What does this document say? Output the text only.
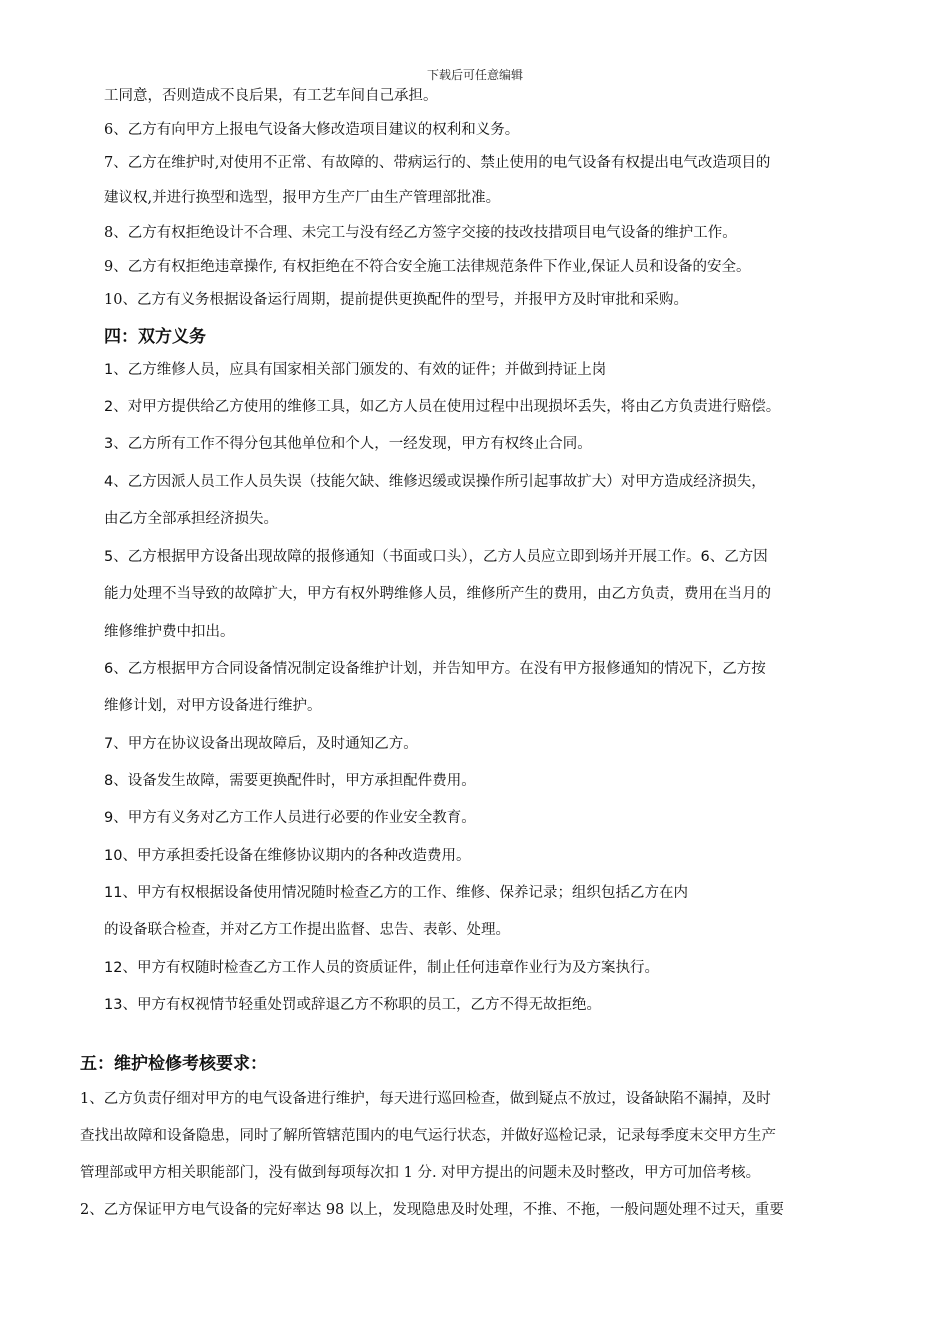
下载后可任意编辑
工同意，否则造成不良后果，有工艺车间自己承担。
6、乙方有向甲方上报电气设备大修改造项目建议的权利和义务。
7、乙方在维护时,对使用不正常、有故障的、带病运行的、禁止使用的电气设备有权提出电气改造项目的
建议权,并进行换型和选型，报甲方生产厂由生产管理部批准。
8、乙方有权拒绝设计不合理、未完工与没有经乙方签字交接的技改技措项目电气设备的维护工作。
9、乙方有权拒绝违章操作, 有权拒绝在不符合安全施工法律规范条件下作业,保证人员和设备的安全。
10、乙方有义务根据设备运行周期，提前提供更换配件的型号，并报甲方及时审批和采购。
四：双方义务
1、乙方维修人员，应具有国家相关部门颁发的、有效的证件；并做到持证上岗
2、对甲方提供给乙方使用的维修工具，如乙方人员在使用过程中出现损坏丢失，将由乙方负责进行赔偿。
3、乙方所有工作不得分包其他单位和个人，一经发现，甲方有权终止合同。
4、乙方因派人员工作人员失误（技能欠缺、维修迟缓或误操作所引起事故扩大）对甲方造成经济损失，
由乙方全部承担经济损失。
5、乙方根据甲方设备出现故障的报修通知（书面或口头），乙方人员应立即到场并开展工作。6、乙方因
能力处理不当导致的故障扩大，甲方有权外聘维修人员，维修所产生的费用，由乙方负责，费用在当月的
维修维护费中扣出。
6、乙方根据甲方合同设备情况制定设备维护计划，并告知甲方。在没有甲方报修通知的情况下，乙方按
维修计划，对甲方设备进行维护。
7、甲方在协议设备出现故障后，及时通知乙方。
8、设备发生故障，需要更换配件时，甲方承担配件费用。
9、甲方有义务对乙方工作人员进行必要的作业安全教育。
10、甲方承担委托设备在维修协议期内的各种改造费用。
11、甲方有权根据设备使用情况随时检查乙方的工作、维修、保养记录；组织包括乙方在内
的设备联合检查，并对乙方工作提出监督、忠告、表彰、处理。
12、甲方有权随时检查乙方工作人员的资质证件，制止任何违章作业行为及方案执行。
13、甲方有权视情节轻重处罚或辞退乙方不称职的员工，乙方不得无故拒绝。
五：维护检修考核要求：
1、乙方负责仔细对甲方的电气设备进行维护，每天进行巡回检查，做到疑点不放过，设备缺陷不漏掉，及时
查找出故障和设备隐患，同时了解所管辖范围内的电气运行状态，并做好巡检记录，记录每季度末交甲方生产
管理部或甲方相关职能部门，没有做到每项每次扣 1 分. 对甲方提出的问题未及时整改，甲方可加倍考核。
2、乙方保证甲方电气设备的完好率达 98 以上，发现隐患及时处理，不推、不拖，一般问题处理不过天，重要
